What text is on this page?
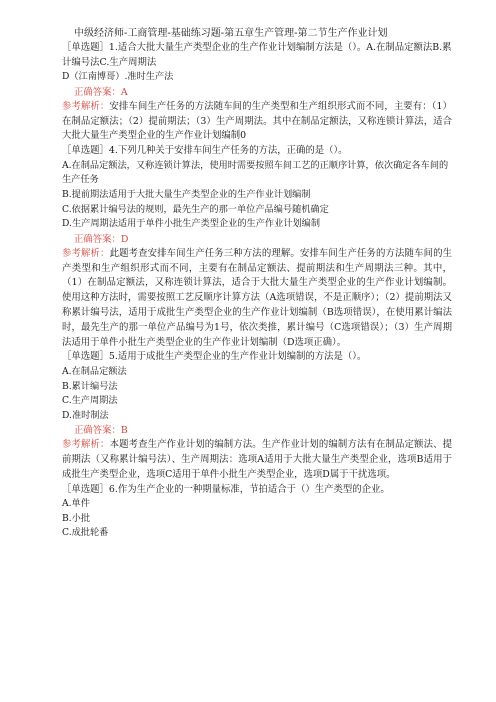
中级经济师-工商管理-基础练习题-第五章生产管理-第二节生产作业计划

［单选题］1.适合大批大量生产类型企业的生产作业计划编制方法是（）。A.在制品定额法B.累计编号法C.生产周期法

D（江南博哥）.准时生产法

正确答案：A

参考解析：安排车间生产任务的方法随车间的生产类型和生产组织形式而不同，主要有：（1）在制品定额法；（2）提前期法；（3）生产周期法。其中在制品定额法，又称连锁计算法，适合大批大量生产类型企业的生产作业计划编制0

［单选题］4.下列几种关于安排车间生产任务的方法，正确的是（）。

A.在制品定额法，又称连锁计算法，使用时需要按照车间工艺的正顺序计算，依次确定各车间的生产任务

B.提前期法适用于大批大量生产类型企业的生产作业计划编制

C.依据累计编号法的规则，最先生产的那一单位产品编号随机确定

D.生产周期法适用于单件小批生产类型企业的生产作业计划编制

正确答案：D

参考解析：此题考查安排车间生产任务三种方法的理解。安排车间生产任务的方法随车间的生产类型和生产组织形式而不同，主要有在制品定额法、提前期法和生产周期法三种。其中，（1）在制品定额法，又称连锁计算法，适合于大批大量生产类型企业的生产作业计划编制。使用这种方法时，需要按照工艺反顺序计算方法（A选项错误，不是正顺序）；（2）提前期法又称累计编号法，适用于成批生产类型企业的生产作业计划编制（B选项错误），在使用累计编法时，最先生产的那一单位产品编号为1号，依次类推，累计编号（C选项错误）；（3）生产周期法适用于单件小批生产类型企业的生产作业计划编制（D选项正确）。

［单选题］5.适用于成批生产类型企业的生产作业计划编制的方法是（）。

A.在制品定额法

B.累计编号法

C.生产周期法

D.准时制法

正确答案：B

参考解析：本题考查生产作业计划的编制方法。生产作业计划的编制方法有在制品定额法、提前期法（又称累计编号法）、生产周期法：选项A适用于大批大量生产类型企业，选项B适用于成批生产类型企业，选项C适用于单件小批生产类型企业，选项D属于干扰选项。

［单选题］6.作为生产企业的一种期量标准，节拍适合于（）生产类型的企业。

A.单件

B.小批

C.成批轮番
